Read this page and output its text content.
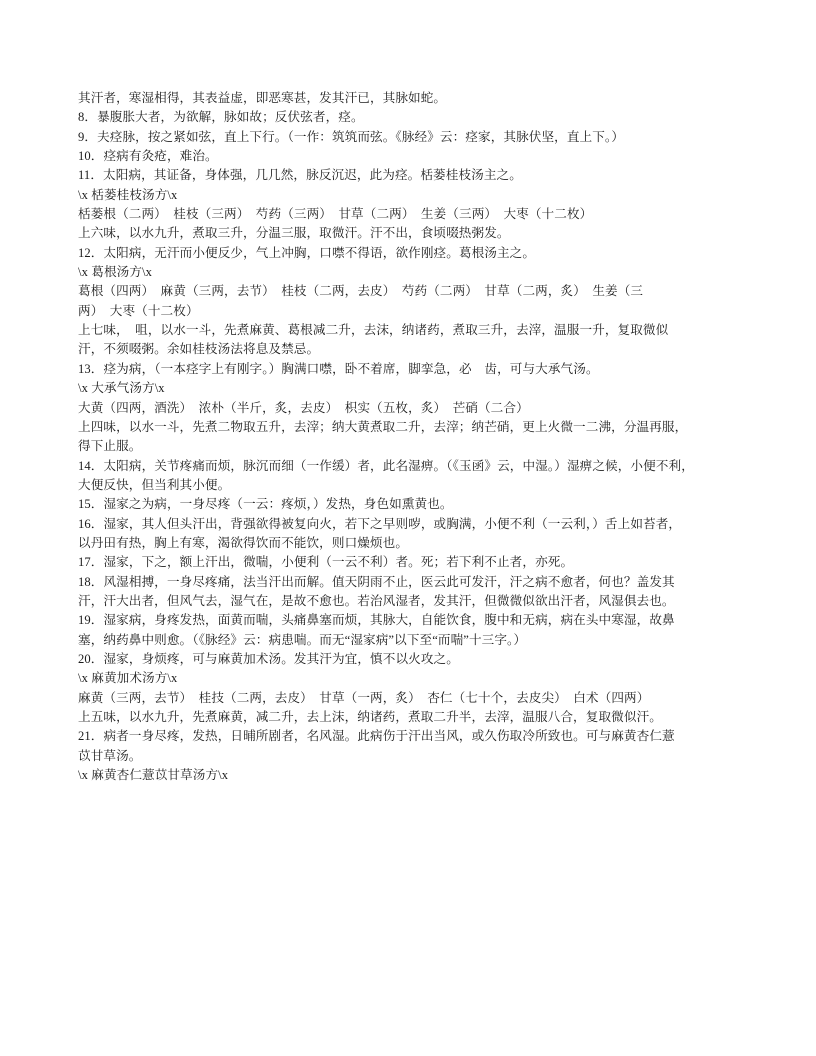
其汗者，寒湿相得，其表益虚，即恶寒甚，发其汗已，其脉如蛇。
8．暴腹胀大者，为欲解，脉如故；反伏弦者，痉。
9．夫痉脉，按之紧如弦，直上下行。（一作：筑筑而弦。《脉经》云：痉家，其脉伏坚，直上下。）
10．痉病有灸疮，难治。
11．太阳病，其证备，身体强，几几然，脉反沉迟，此为痉。栝蒌桂枝汤主之。
\x 栝蒌桂枝汤方\x
栝蒌根（二两）　桂枝（三两）　芍药（三两）　甘草（二两）　生姜（三两）　大枣（十二枚）
上六味，以水九升，煮取三升，分温三服，取微汗。汗不出，食顷啜热粥发。
12．太阳病，无汗而小便反少，气上冲胸，口噤不得语，欲作刚痉。葛根汤主之。
\x 葛根汤方\x
葛根（四两）　麻黄（三两，去节）　桂枝（二两，去皮）　芍药（二两）　甘草（二两，炙）　生姜（三
两）　大枣（十二枚）
上七味，　咀，以水一斗，先煮麻黄、葛根减二升，去沫，纳诸药，煮取三升，去滓，温服一升，复取微似
汗，不须啜粥。余如桂枝汤法将息及禁忌。
13．痉为病，（一本痉字上有刚字。）胸满口噤，卧不着席，脚挛急，必　齿，可与大承气汤。
\x 大承气汤方\x
大黄（四两，酒洗）　浓朴（半斤，炙，去皮）　枳实（五枚，炙）　芒硝（二合）
上四味，以水一斗，先煮二物取五升，去滓；纳大黄煮取二升，去滓；纳芒硝，更上火微一二沸，分温再服，
得下止服。
14．太阳病，关节疼痛而烦，脉沉而细（一作缓）者，此名湿痹。（《玉函》云，中湿。）湿痹之候，小便不利，
大便反快，但当利其小便。
15．湿家之为病，一身尽疼（一云：疼烦，）发热，身色如熏黄也。
16．湿家，其人但头汗出，背强欲得被复向火，若下之早则哕，或胸满，小便不利（一云利，）舌上如苔者，
以丹田有热，胸上有寒，渴欲得饮而不能饮，则口燥烦也。
17．湿家，下之，额上汗出，微喘，小便利（一云不利）者。死；若下利不止者，亦死。
18．风湿相搏，一身尽疼痛，法当汗出而解。值天阴雨不止，医云此可发汗，汗之病不愈者，何也？盖发其
汗，汗大出者，但风气去，湿气在，是故不愈也。若治风湿者，发其汗，但微微似欲出汗者，风湿俱去也。
19．湿家病，身疼发热，面黄而喘，头痛鼻塞而烦，其脉大，自能饮食，腹中和无病，病在头中寒湿，故鼻
塞，纳药鼻中则愈。（《脉经》云：病患喘。而无“湿家病”以下至“而喘”十三字。）
20．湿家，身烦疼，可与麻黄加术汤。发其汗为宜，慎不以火攻之。
\x 麻黄加术汤方\x
麻黄（三两，去节）　桂技（二两，去皮）　甘草（一两，炙）　杏仁（七十个，去皮尖）　白术（四两）
上五味，以水九升，先煮麻黄，减二升，去上沫，纳诸药，煮取二升半，去滓，温服八合，复取微似汗。
21．病者一身尽疼，发热，日晡所剧者，名风湿。此病伤于汗出当风，或久伤取冷所致也。可与麻黄杏仁薏
苡甘草汤。
\x 麻黄杏仁薏苡甘草汤方\x
